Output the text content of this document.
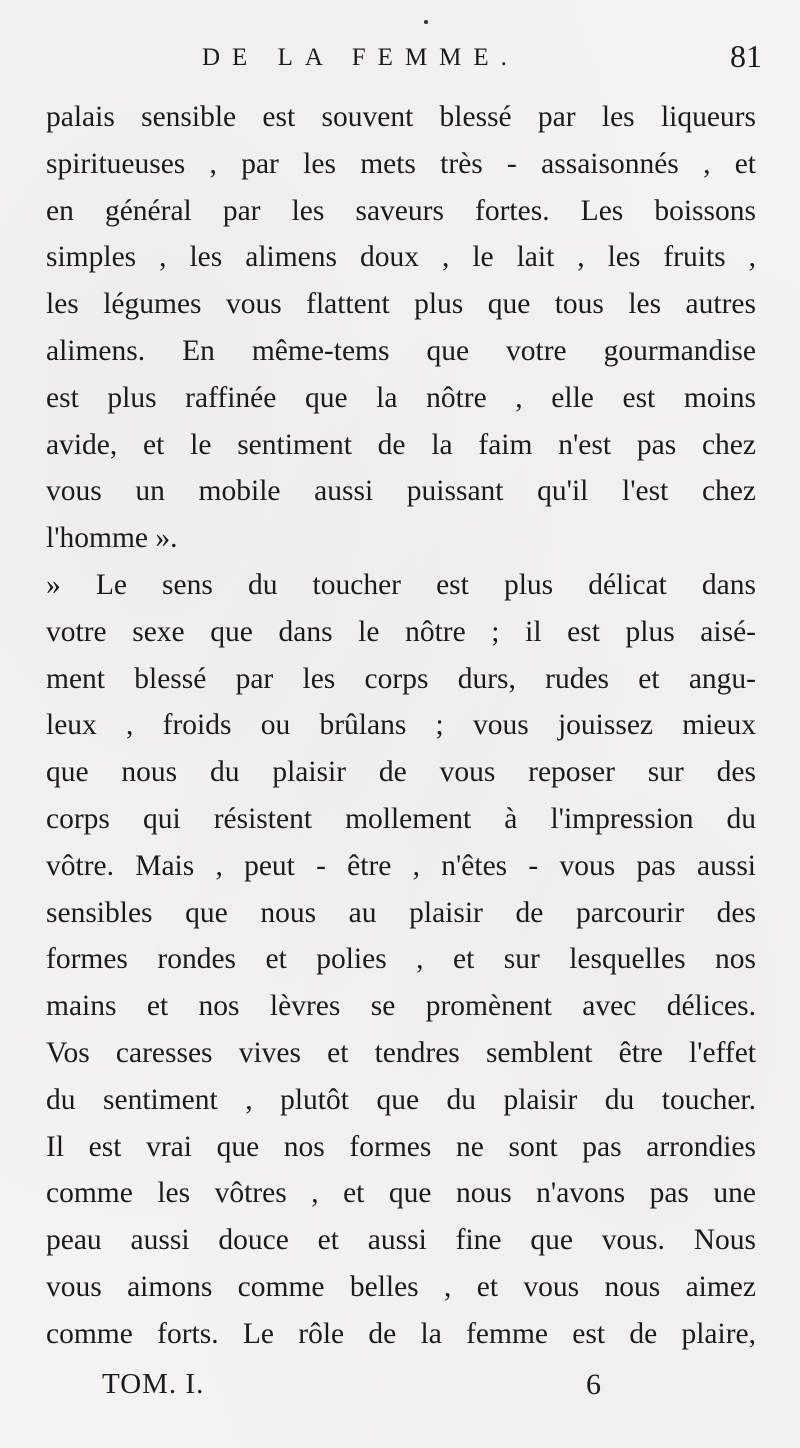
DE LA FEMME.	81
palais sensible est souvent blessé par les liqueurs
spiritueuses , par les mets très - assaisonnés , et
en général par les saveurs fortes. Les boissons
simples , les alimens doux , le lait , les fruits ,
les légumes vous flattent plus que tous les autres
alimens. En même-tems que votre gourmandise
est plus raffinée que la nôtre , elle est moins
avide, et le sentiment de la faim n'est pas chez
vous un mobile aussi puissant qu'il l'est chez
l'homme ».
» Le sens du toucher est plus délicat dans
votre sexe que dans le nôtre ; il est plus aisé-
ment blessé par les corps durs, rudes et angu-
leux , froids ou brûlans ; vous jouissez mieux
que nous du plaisir de vous reposer sur des
corps qui résistent mollement à l'impression du
vôtre. Mais , peut - être , n'êtes - vous pas aussi
sensibles que nous au plaisir de parcourir des
formes rondes et polies , et sur lesquelles nos
mains et nos lèvres se promènent avec délices.
Vos caresses vives et tendres semblent être l'effet
du sentiment , plutôt que du plaisir du toucher.
Il est vrai que nos formes ne sont pas arrondies
comme les vôtres , et que nous n'avons pas une
peau aussi douce et aussi fine que vous. Nous
vous aimons comme belles , et vous nous aimez
comme forts. Le rôle de la femme est de plaire,
TOM. I.	6
